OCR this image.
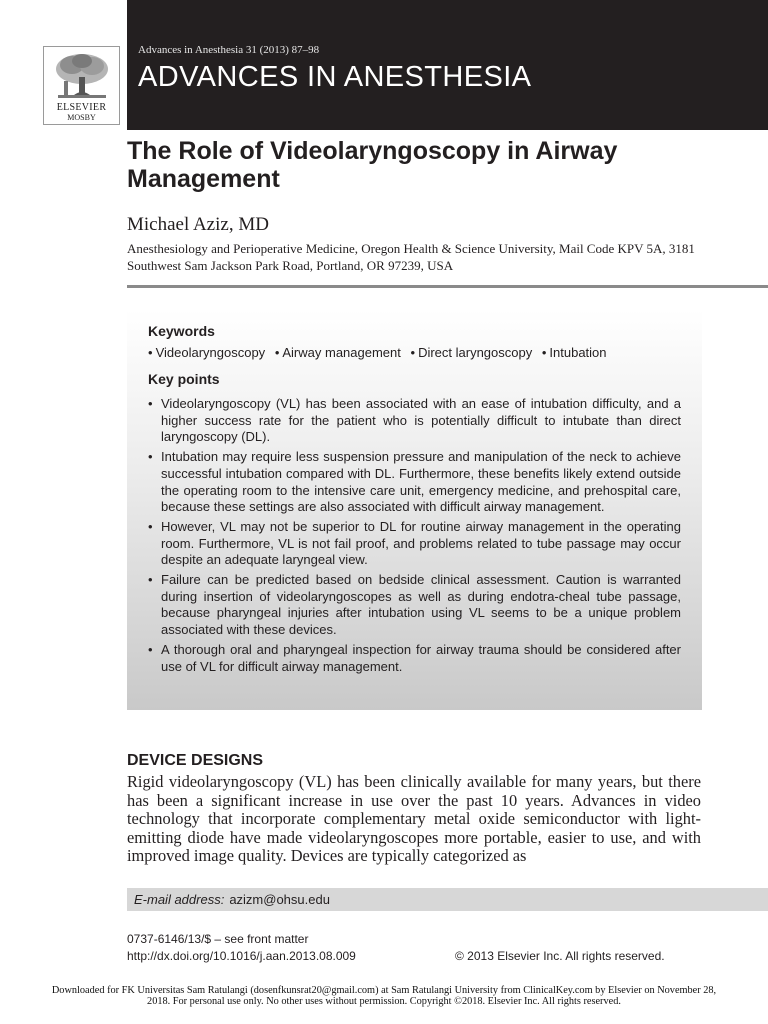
ELSEVIER
MOSBY
Advances in Anesthesia 31 (2013) 87–98
ADVANCES IN ANESTHESIA
The Role of Videolaryngoscopy in Airway Management
Michael Aziz, MD
Anesthesiology and Perioperative Medicine, Oregon Health & Science University, Mail Code KPV 5A, 3181 Southwest Sam Jackson Park Road, Portland, OR 97239, USA
Keywords
• Videolaryngoscopy • Airway management • Direct laryngoscopy • Intubation
Key points
• Videolaryngoscopy (VL) has been associated with an ease of intubation difficulty, and a higher success rate for the patient who is potentially difficult to intubate than direct laryngoscopy (DL).
• Intubation may require less suspension pressure and manipulation of the neck to achieve successful intubation compared with DL. Furthermore, these benefits likely extend outside the operating room to the intensive care unit, emergency medicine, and prehospital care, because these settings are also associated with difficult airway management.
• However, VL may not be superior to DL for routine airway management in the operating room. Furthermore, VL is not fail proof, and problems related to tube passage may occur despite an adequate laryngeal view.
• Failure can be predicted based on bedside clinical assessment. Caution is warranted during insertion of videolaryngoscopes as well as during endotra-cheal tube passage, because pharyngeal injuries after intubation using VL seems to be a unique problem associated with these devices.
• A thorough oral and pharyngeal inspection for airway trauma should be considered after use of VL for difficult airway management.
DEVICE DESIGNS

Rigid videolaryngoscopy (VL) has been clinically available for many years, but there has been a significant increase in use over the past 10 years. Advances in video technology that incorporate complementary metal oxide semiconductor with light-emitting diode have made videolaryngoscopes more portable, easier to use, and with improved image quality. Devices are typically categorized as

E-mail address: azizm@ohsu.edu
0737-6146/13/$ – see front matter
http://dx.doi.org/10.1016/j.aan.2013.08.009	© 2013 Elsevier Inc. All rights reserved.
Downloaded for FK Universitas Sam Ratulangi (dosenfkunsrat20@gmail.com) at Sam Ratulangi University from ClinicalKey.com by Elsevier on November 28, 2018. For personal use only. No other uses without permission. Copyright ©2018. Elsevier Inc. All rights reserved.
